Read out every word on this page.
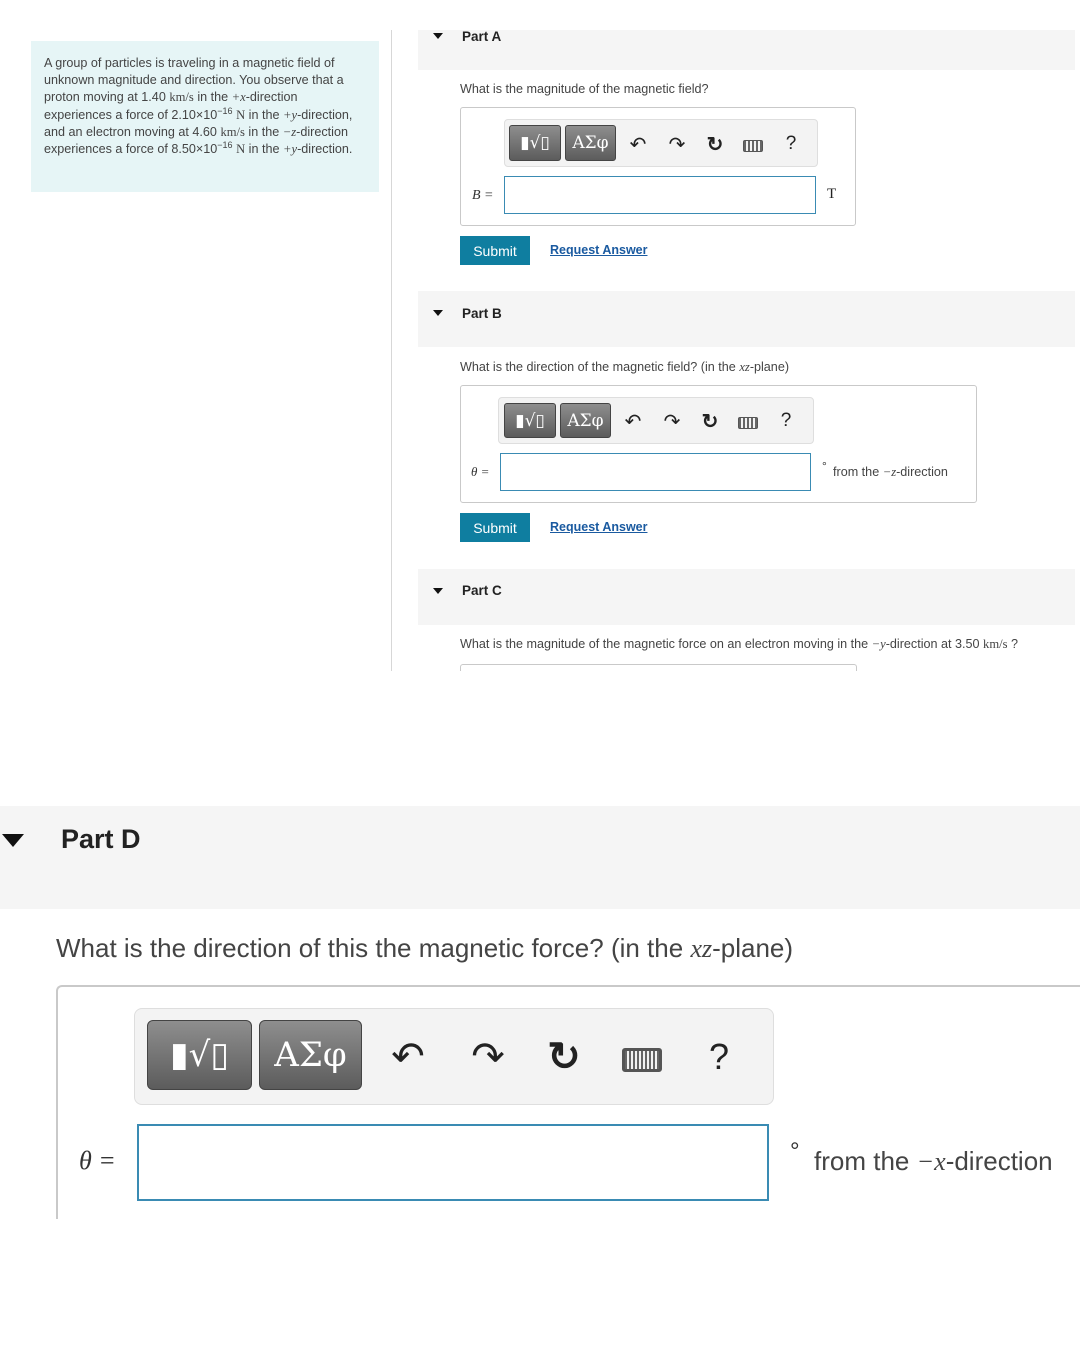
A group of particles is traveling in a magnetic field of unknown magnitude and direction. You observe that a proton moving at 1.40 km/s in the +x-direction experiences a force of $2.10\times 10^{-16}$ N in the +y-direction, and an electron moving at 4.60 km/s in the −z-direction experiences a force of $8.50\times 10^{-16}$ N in the +y-direction.
Part A
What is the magnitude of the magnetic field?
▮√▯	ΑΣφ	↶ ↷ ↻	?
B =	T
Submit	Request Answer
Part B
What is the direction of the magnetic field? (in the xz-plane)
▮√▯	ΑΣφ	↶ ↷ ↻	?
θ =	° from the −z-direction
Submit	Request Answer
Part C
What is the magnitude of the magnetic force on an electron moving in the −y-direction at 3.50 km/s ?
Part D
What is the direction of this the magnetic force? (in the xz-plane)
▮√▯	ΑΣφ	↶ ↷ ↻	?
θ =	° from the −x-direction
